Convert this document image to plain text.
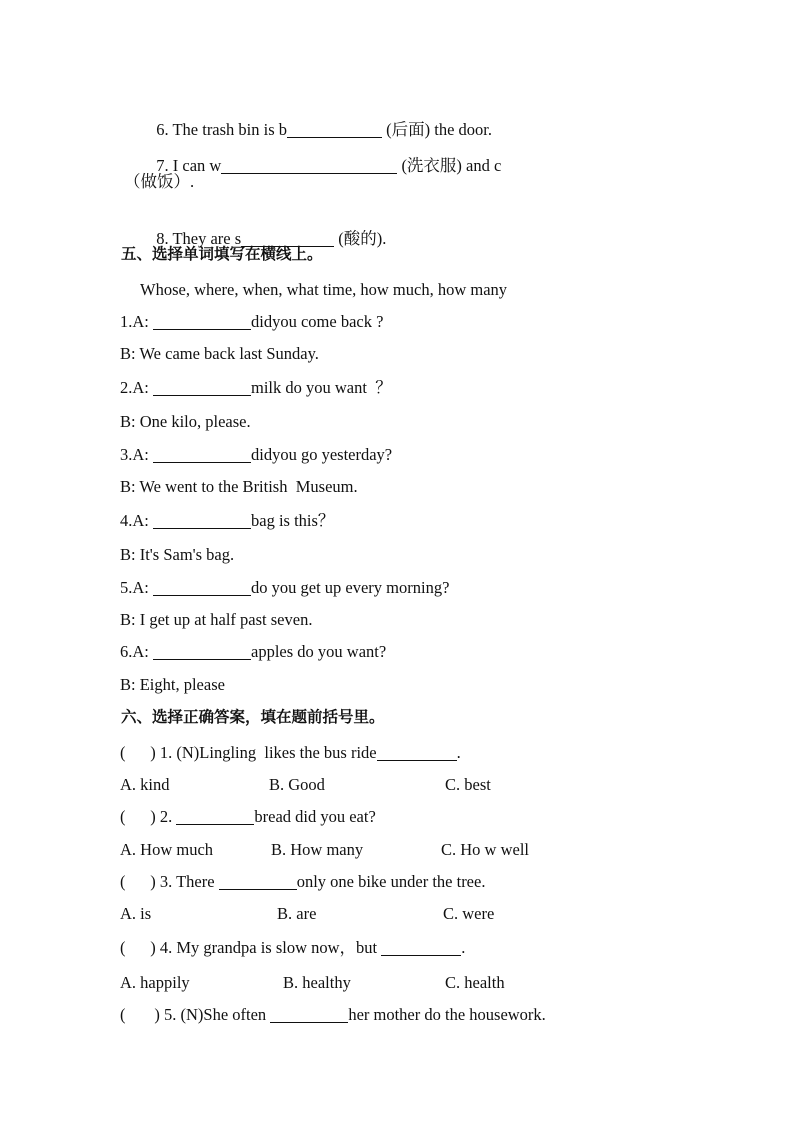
6. The trash bin is b	(后面) the door.

7. I can w	(洗衣服) and c

（做饭）.

8. They are s	(酸的).

五、选择单词填写在横线上。
Whose, where, when, what time, how much, how many
1.A:	didyou come back ?
B: We came back last Sunday.
2.A:	milk do you want  ？
B: One kilo, please.
3.A:	didyou go yesterday?
B: We went to the British  Museum.
4.A:	bag is this？
B: It's Sam's bag.
5.A:	do you get up every morning?
B: I get up at half past seven.
6.A:	apples do you want?
B: Eight, please
六、选择正确答案，填在题前括号里。
(      ) 1. (N)Lingling  likes the bus ride	.
A. kind	B. Good	C. best
(      ) 2.	bread did you eat?
A. How much	B. How many	C. Ho w well
(      ) 3. There	only one bike under the tree.
A. is	B. are	C. were
(      ) 4. My grandpa is slow now，but	.
A. happily	B. healthy	C. health
(       ) 5. (N)She often	her mother do the housework.
